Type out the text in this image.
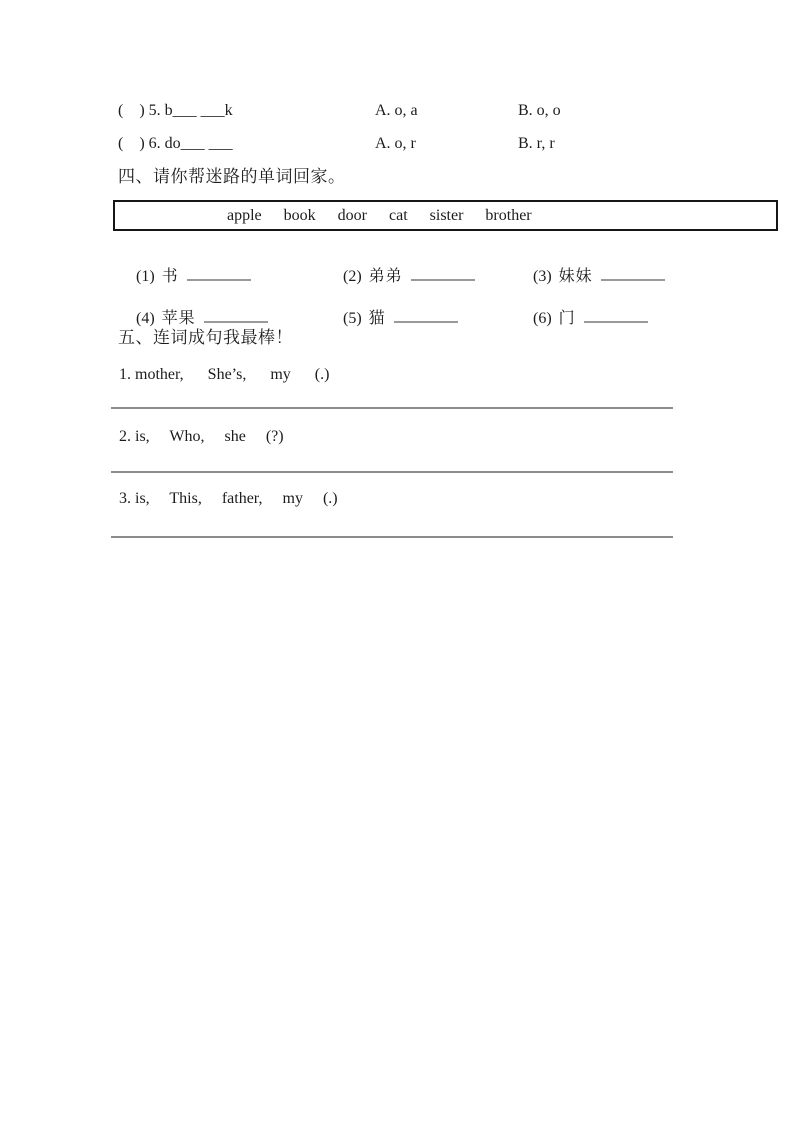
(    ) 5. b___ ___k	A. o, a	B. o, o
(    ) 6. do___ ___	A. o, r	B. r, r
四、请你帮迷路的单词回家。
apple book door cat sister brother

(1) 书
	(2) 弟弟
	(3) 妹妹

(4) 苹果
	(5) 猫
	(6) 门

五、连词成句我最棒！
1. mother,      She’s,      my      (.)
2. is,     Who,     she     (?)
3. is,     This,     father,     my     (.)
